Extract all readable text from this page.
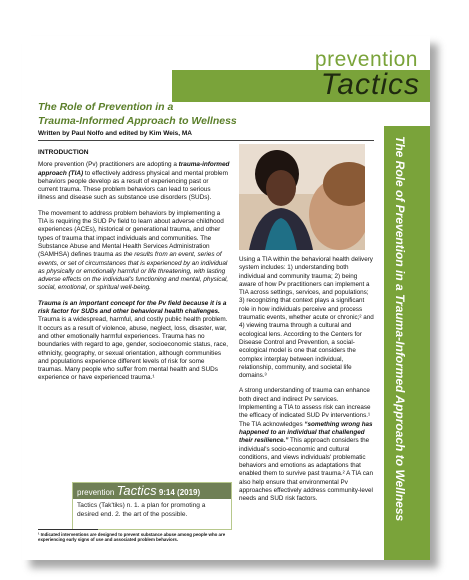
prevention
Tactics
The Role of Prevention in a
Trauma-Informed Approach to Wellness
Written by Paul Nolfo and edited by Kim Weis, MA
INTRODUCTION

More prevention (Pv) practitioners are adopting a trauma-informed approach (TIA) to effectively address physical and mental problem behaviors people develop as a result of experiencing past or current trauma. These problem behaviors can lead to serious illness and disease such as substance use disorders (SUDs).

The movement to address problem behaviors by implementing a TIA is requiring the SUD Pv field to learn about adverse childhood experiences (ACEs), historical or generational trauma, and other types of trauma that impact individuals and communities. The Substance Abuse and Mental Health Services Administration (SAMHSA) defines trauma as the results from an event, series of events, or set of circumstances that is experienced by an individual as physically or emotionally harmful or life threatening, with lasting adverse effects on the individual's functioning and mental, physical, social, emotional, or spiritual well-being.

Trauma is an important concept for the Pv field because it is a risk factor for SUDs and other behavioral health challenges. Trauma is a widespread, harmful, and costly public health problem. It occurs as a result of violence, abuse, neglect, loss, disaster, war, and other emotionally harmful experiences. Trauma has no boundaries with regard to age, gender, socioeconomic status, race, ethnicity, geography, or sexual orientation, although communities and populations experience different levels of risk for some traumas. Many people who suffer from mental health and SUDs experience or have experienced trauma.¹

Using a TIA within the behavioral health delivery system includes: 1) understanding both individual and community trauma; 2) being aware of how Pv practitioners can implement a TIA across settings, services, and populations; 3) recognizing that context plays a significant role in how individuals perceive and process traumatic events, whether acute or chronic;² and 4) viewing trauma through a cultural and ecological lens. According to the Centers for Disease Control and Prevention, a social-ecological model is one that considers the complex interplay between individual, relationship, community, and societal life domains.³

A strong understanding of trauma can enhance both direct and indirect Pv services. Implementing a TIA to assess risk can increase the efficacy of indicated SUD Pv interventions.¹ The TIA acknowledges “something wrong has happened to an individual that challenged their resilience.” This approach considers the individual's socio-economic and cultural conditions, and views individuals' problematic behaviors and emotions as adaptations that enabled them to survive past trauma.² A TIA can also help ensure that environmental Pv approaches effectively address community-level needs and SUD risk factors.	The Role of Prevention in a Trauma-Informed Approach to Wellness
prevention Tactics 9:14 (2019)
Tactics (Tak'tiks) n. 1. a plan for promoting a desired end. 2. the art of the possible.
¹ Indicated interventions are designed to prevent substance abuse among people who are experiencing early signs of use and associated problem behaviors.
